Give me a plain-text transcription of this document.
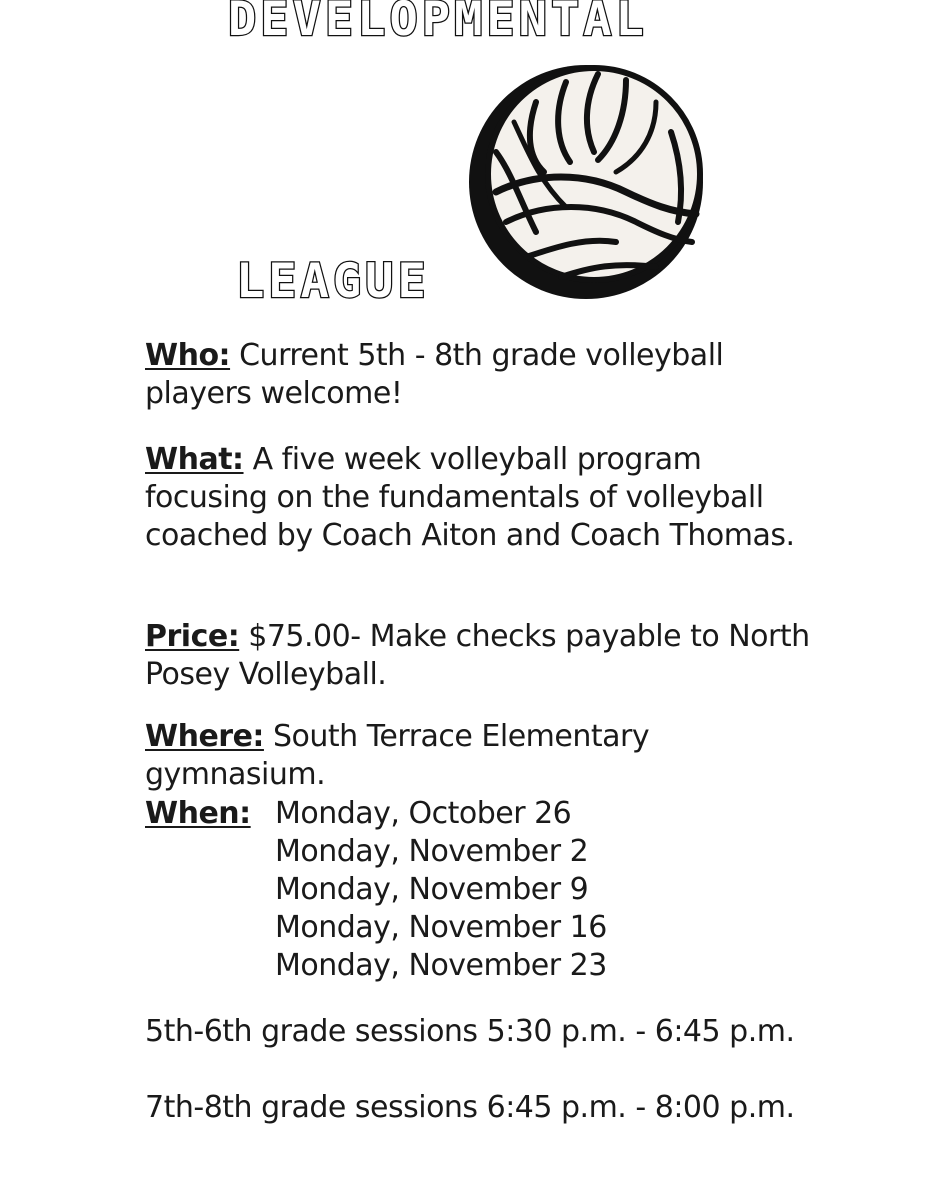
DEVELOPMENTAL
LEAGUE
Who: Current 5th - 8th grade volleyball players welcome!
What: A five week volleyball program focusing on the fundamentals of volleyball coached by Coach Aiton and Coach Thomas.
Price: $75.00- Make checks payable to North Posey Volleyball.
Where: South Terrace Elementary gymnasium.
When: Monday, October 26
Monday, November 2
Monday, November 9
Monday, November 16
Monday, November 23
5th-6th grade sessions 5:30 p.m. - 6:45 p.m.
7th-8th grade sessions 6:45 p.m. - 8:00 p.m.
